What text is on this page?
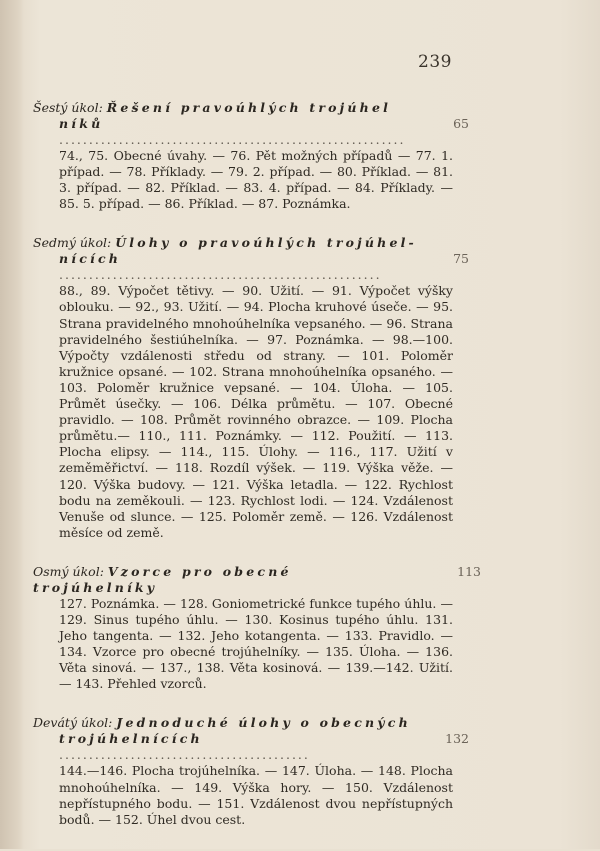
239
Šestý úkol: Řešení pravoúhlých trojúhel
níků ..........................................................
65
74., 75. Obecné úvahy. — 76. Pět možných případů — 77. 1. případ. — 78. Příklady. — 79. 2. případ. — 80. Příklad. — 81. 3. případ. — 82. Příklad. — 83. 4. případ. — 84. Příklady. — 85. 5. případ. — 86. Příklad. — 87. Poznámka.
Sedmý úkol: Úlohy o pravoúhlých trojúhel-
nících ......................................................
75
88., 89. Výpočet tětivy. — 90. Užití. — 91. Výpočet výšky oblouku. — 92., 93. Užití. — 94. Plocha kruhové úseče. — 95. Strana pravidelného mnohoúhelníka vepsaného. — 96. Strana pravidelného šestiúhelníka. — 97. Poznámka. — 98.—100. Výpočty vzdálenosti středu od strany. — 101. Poloměr kružnice opsané. — 102. Strana mnohoúhelníka opsaného. — 103. Poloměr kružnice vepsané. — 104. Úloha. — 105. Průmět úsečky. — 106. Délka průmětu. — 107. Obecné pravidlo. — 108. Průmět rovinného obrazce. — 109. Plocha průmětu.— 110., 111. Poznámky. — 112. Použití. — 113. Plocha elipsy. — 114., 115. Úlohy. — 116., 117. Užití v zeměměřictví. — 118. Rozdíl výšek. — 119. Výška věže. — 120. Výška budovy. — 121. Výška letadla. — 122. Rychlost bodu na zeměkouli. — 123. Rychlost lodi. — 124. Vzdálenost Venuše od slunce. — 125. Poloměr země. — 126. Vzdálenost měsíce od země.
Osmý úkol: Vzorce pro obecné trojúhelníky
113
127. Poznámka. — 128. Goniometrické funkce tupého úhlu. — 129. Sinus tupého úhlu. — 130. Kosinus tupého úhlu. 131. Jeho tangenta. — 132. Jeho kotangenta. — 133. Pravidlo. — 134. Vzorce pro obecné trojúhelníky. — 135. Úloha. — 136. Věta sinová. — 137., 138. Věta kosinová. — 139.—142. Užití. — 143. Přehled vzorců.
Devátý úkol: Jednoduché úlohy o obecných
trojúhelnících ..........................................
132
144.—146. Plocha trojúhelníka. — 147. Úloha. — 148. Plocha mnohoúhelníka. — 149. Výška hory. — 150. Vzdálenost nepřístupného bodu. — 151. Vzdálenost dvou nepřístupných bodů. — 152. Úhel dvou cest.
